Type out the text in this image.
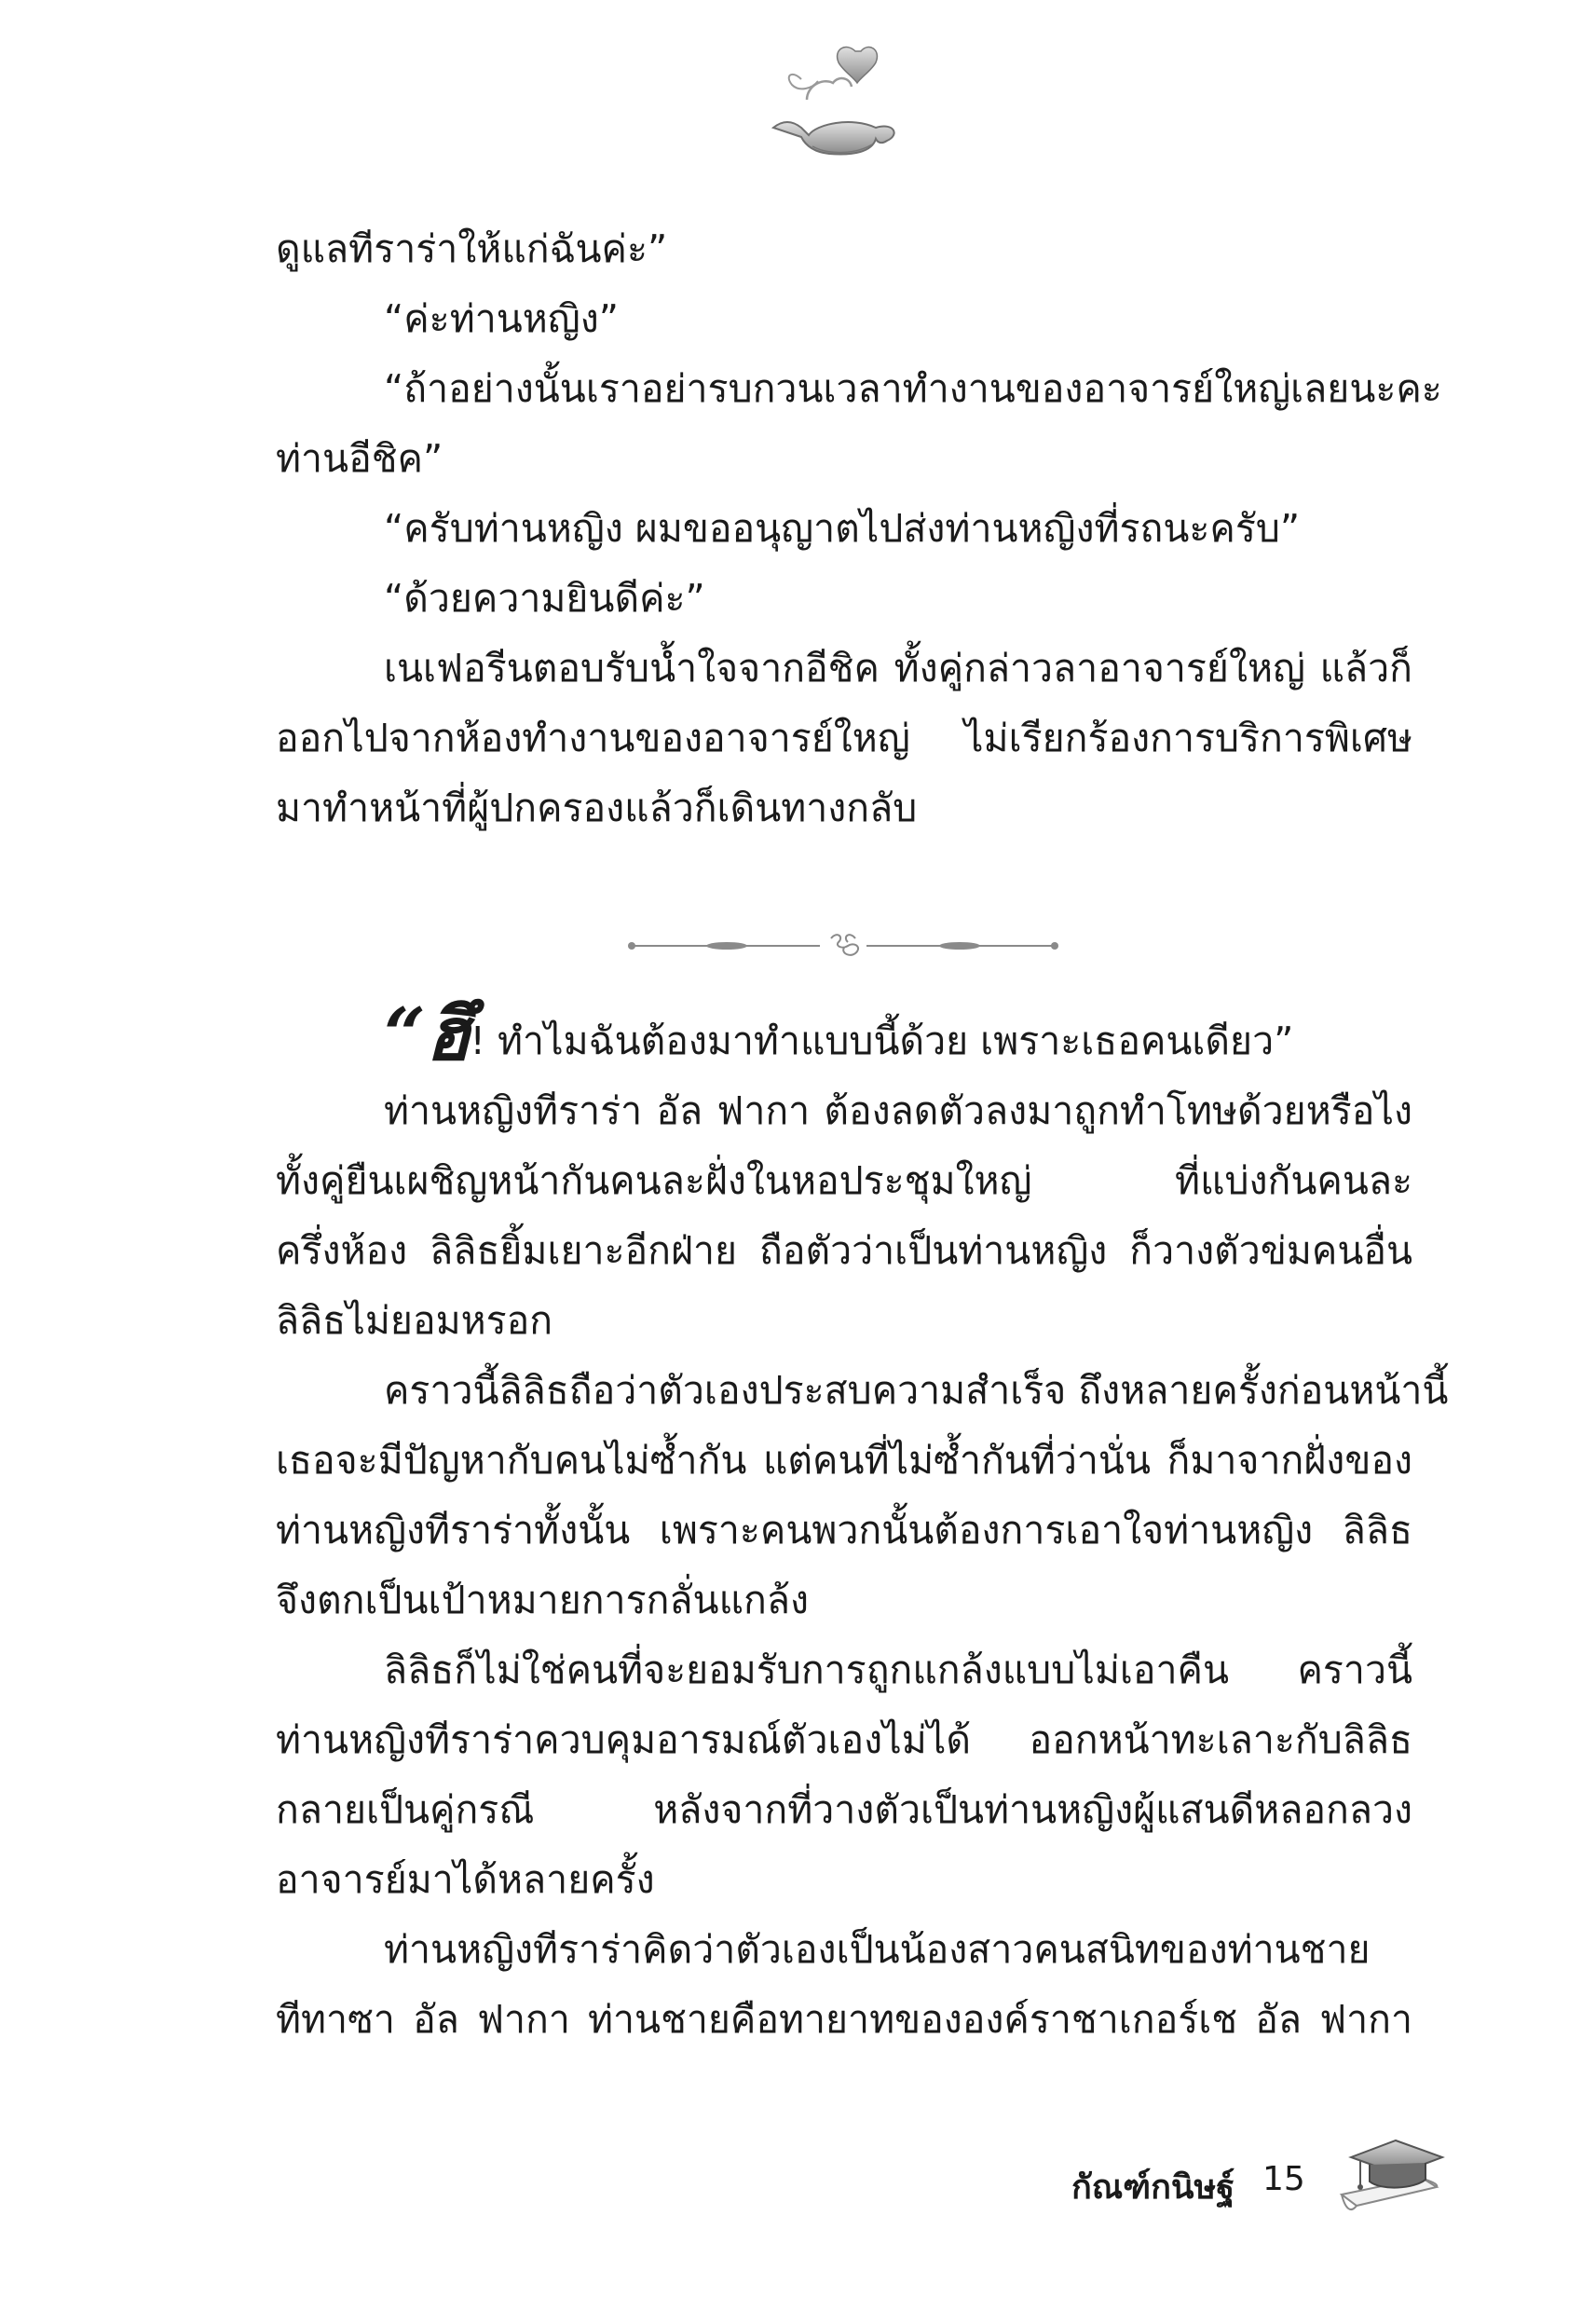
ดูแลทีราร่าให้แก่ฉันค่ะ”
“ค่ะท่านหญิง”
“ถ้าอย่างนั้นเราอย่ารบกวนเวลาทำงานของอาจารย์ใหญ่เลยนะคะ
ท่านอีชิค”
“ครับท่านหญิง ผมขออนุญาตไปส่งท่านหญิงที่รถนะครับ”
“ด้วยความยินดีค่ะ”
เนเฟอรีนตอบรับน้ำใจจากอีชิค ทั้งคู่กล่าวลาอาจารย์ใหญ่ แล้วก็
ออกไปจากห้องทำงานของอาจารย์ใหญ่ ไม่เรียกร้องการบริการพิเศษ
มาทำหน้าที่ผู้ปกครองแล้วก็เดินทางกลับ
“ฮึ! ทำไมฉันต้องมาทำแบบนี้ด้วย เพราะเธอคนเดียว”
ท่านหญิงทีราร่า อัล ฟากา ต้องลดตัวลงมาถูกทำโทษด้วยหรือไง
ทั้งคู่ยืนเผชิญหน้ากันคนละฝั่งในหอประชุมใหญ่ ที่แบ่งกันคนละ
ครึ่งห้อง ลิลิธยิ้มเยาะอีกฝ่าย ถือตัวว่าเป็นท่านหญิง ก็วางตัวข่มคนอื่น
ลิลิธไม่ยอมหรอก
คราวนี้ลิลิธถือว่าตัวเองประสบความสำเร็จ ถึงหลายครั้งก่อนหน้านี้
เธอจะมีปัญหากับคนไม่ซ้ำกัน แต่คนที่ไม่ซ้ำกันที่ว่านั่น ก็มาจากฝั่งของ
ท่านหญิงทีราร่าทั้งนั้น เพราะคนพวกนั้นต้องการเอาใจท่านหญิง ลิลิธ
จึงตกเป็นเป้าหมายการกลั่นแกล้ง
ลิลิธก็ไม่ใช่คนที่จะยอมรับการถูกแกล้งแบบไม่เอาคืน คราวนี้
ท่านหญิงทีราร่าควบคุมอารมณ์ตัวเองไม่ได้ ออกหน้าทะเลาะกับลิลิธ
กลายเป็นคู่กรณี หลังจากที่วางตัวเป็นท่านหญิงผู้แสนดีหลอกลวง
อาจารย์มาได้หลายครั้ง
ท่านหญิงทีราร่าคิดว่าตัวเองเป็นน้องสาวคนสนิทของท่านชาย
ทีทาซา อัล ฟากา ท่านชายคือทายาทขององค์ราชาเกอร์เช อัล ฟากา
กัณฑ์กนิษฐ์ 15
